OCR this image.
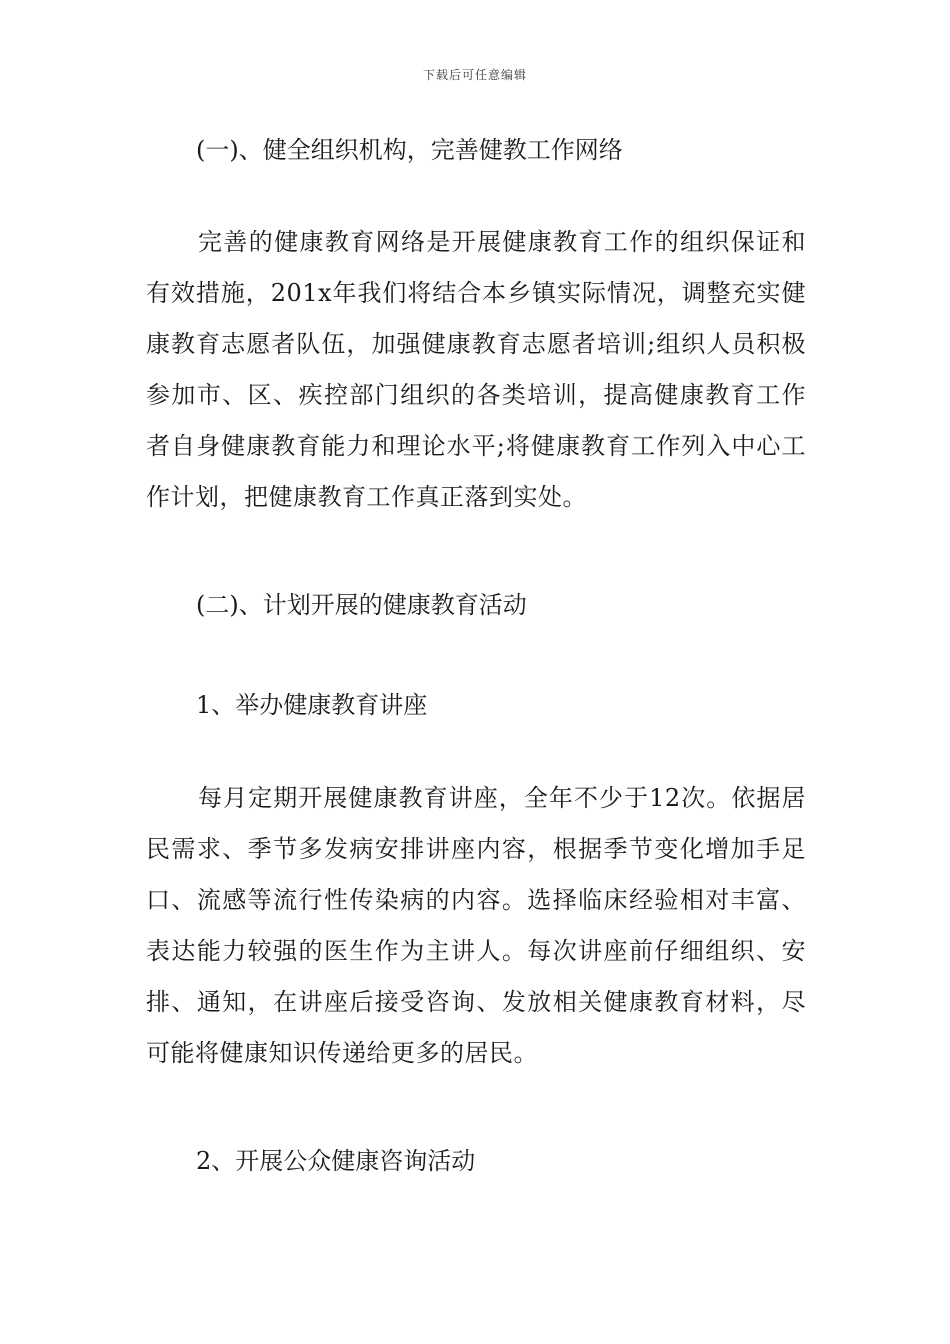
下载后可任意编辑

(一)、健全组织机构，完善健教工作网络

完善的健康教育网络是开展健康教育工作的组织保证和有效措施，201x年我们将结合本乡镇实际情况，调整充实健康教育志愿者队伍，加强健康教育志愿者培训;组织人员积极参加市、区、疾控部门组织的各类培训，提高健康教育工作者自身健康教育能力和理论水平;将健康教育工作列入中心工作计划，把健康教育工作真正落到实处。

(二)、计划开展的健康教育活动

1、举办健康教育讲座

每月定期开展健康教育讲座，全年不少于12次。依据居民需求、季节多发病安排讲座内容，根据季节变化增加手足口、流感等流行性传染病的内容。选择临床经验相对丰富、表达能力较强的医生作为主讲人。每次讲座前仔细组织、安排、通知，在讲座后接受咨询、发放相关健康教育材料，尽可能将健康知识传递给更多的居民。

2、开展公众健康咨询活动
